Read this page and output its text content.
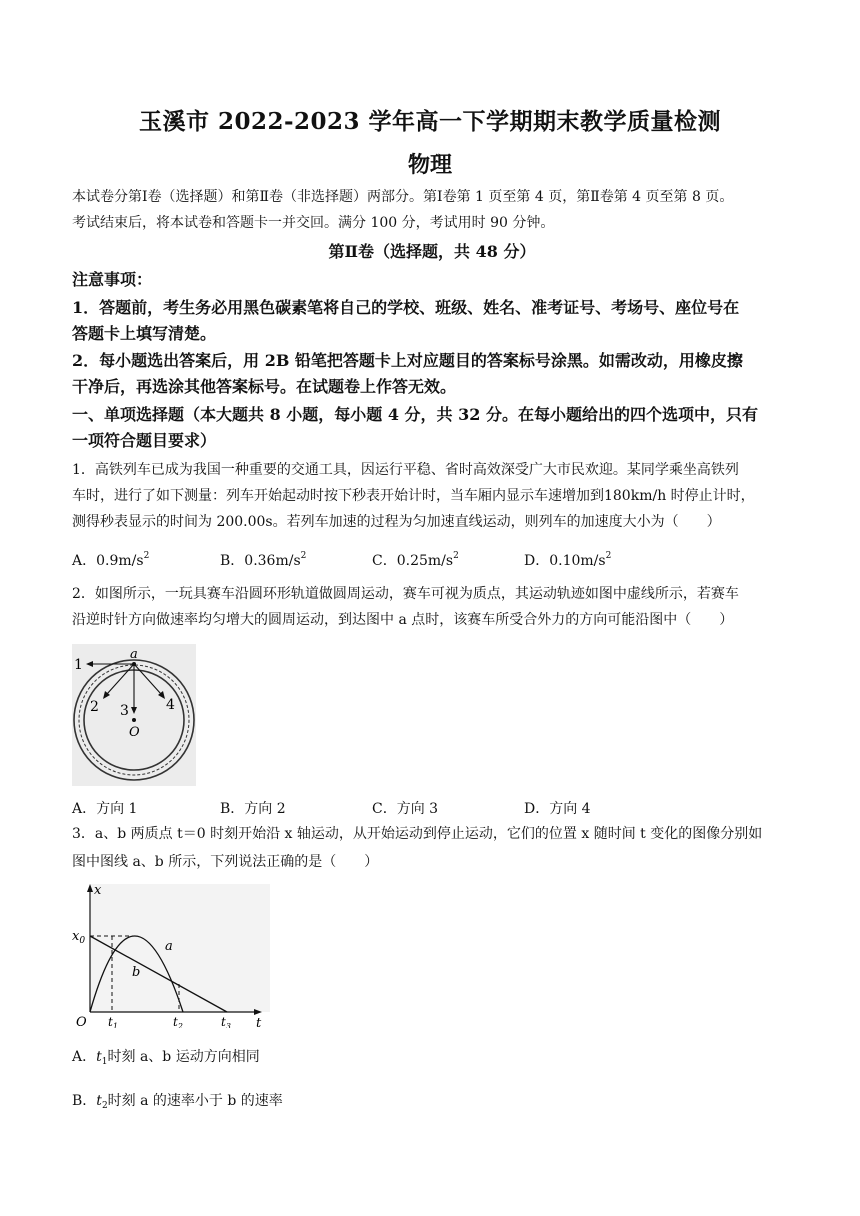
玉溪市 2022-2023 学年高一下学期期末教学质量检测
物理
本试卷分第Ⅰ卷（选择题）和第Ⅱ卷（非选择题）两部分。第Ⅰ卷第 1 页至第 4 页，第Ⅱ卷第 4 页至第 8 页。
考试结束后，将本试卷和答题卡一并交回。满分 100 分，考试用时 90 分钟。
第Ⅱ卷（选择题，共 48 分）
注意事项：
1．答题前，考生务必用黑色碳素笔将自己的学校、班级、姓名、准考证号、考场号、座位号在
答题卡上填写清楚。
2．每小题选出答案后，用 2B 铅笔把答题卡上对应题目的答案标号涂黑。如需改动，用橡皮擦
干净后，再选涂其他答案标号。在试题卷上作答无效。
一、单项选择题（本大题共 8 小题，每小题 4 分，共 32 分。在每小题给出的四个选项中，只有
一项符合题目要求）
1．高铁列车已成为我国一种重要的交通工具，因运行平稳、省时高效深受广大市民欢迎。某同学乘坐高铁列
车时，进行了如下测量：列车开始起动时按下秒表开始计时，当车厢内显示车速增加到180km/h 时停止计时，
测得秒表显示的时间为 200.00s。若列车加速的过程为匀加速直线运动，则列车的加速度大小为（　　）
A．$0.9m/s^2$	B．$0.36m/s^2$	C．$0.25m/s^2$	D．$0.10m/s^2$
2．如图所示，一玩具赛车沿圆环形轨道做圆周运动，赛车可视为质点，其运动轨迹如图中虚线所示，若赛车
沿逆时针方向做速率均匀增大的圆周运动，到达图中 a 点时，该赛车所受合外力的方向可能沿图中（　　）
a
1
2 3	4
O
A．方向 1	B．方向 2	C．方向 3	D．方向 4
3．a、b 两质点 t＝0 时刻开始沿 x 轴运动，从开始运动到停止运动，它们的位置 x 随时间 t 变化的图像分别如
图中图线 a、b 所示，下列说法正确的是（　　）
x
t
O
$x_0$
$t_1$	$t_2$	$t_3$
a
b
A．$t_1$时刻 a、b 运动方向相同
B．$t_2$时刻 a 的速率小于 b 的速率
